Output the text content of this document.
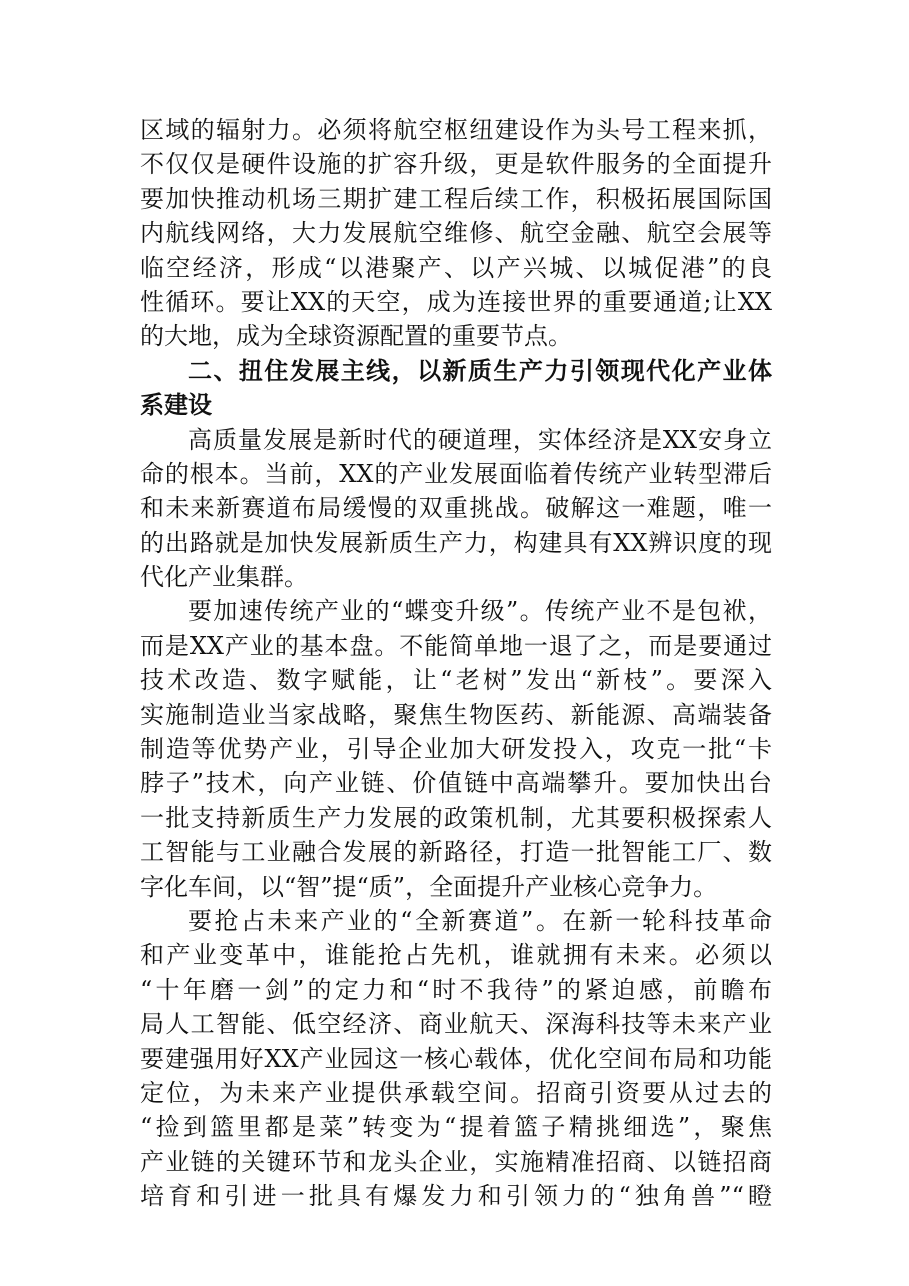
区域的辐射力。必须将航空枢纽建设作为头号工程来抓，
不仅仅是硬件设施的扩容升级，更是软件服务的全面提升
要加快推动机场三期扩建工程后续工作，积极拓展国际国
内航线网络，大力发展航空维修、航空金融、航空会展等
临空经济，形成“以港聚产、以产兴城、以城促港”的良
性循环。要让XX的天空，成为连接世界的重要通道;让XX
的大地，成为全球资源配置的重要节点。
二、扭住发展主线，以新质生产力引领现代化产业体
系建设
高质量发展是新时代的硬道理，实体经济是XX安身立
命的根本。当前，XX的产业发展面临着传统产业转型滞后
和未来新赛道布局缓慢的双重挑战。破解这一难题，唯一
的出路就是加快发展新质生产力，构建具有XX辨识度的现
代化产业集群。
要加速传统产业的“蝶变升级”。传统产业不是包袱，
而是XX产业的基本盘。不能简单地一退了之，而是要通过
技术改造、数字赋能，让“老树”发出“新枝”。要深入
实施制造业当家战略，聚焦生物医药、新能源、高端装备
制造等优势产业，引导企业加大研发投入，攻克一批“卡
脖子”技术，向产业链、价值链中高端攀升。要加快出台
一批支持新质生产力发展的政策机制，尤其要积极探索人
工智能与工业融合发展的新路径，打造一批智能工厂、数
字化车间，以“智”提“质”，全面提升产业核心竞争力。
要抢占未来产业的“全新赛道”。在新一轮科技革命
和产业变革中，谁能抢占先机，谁就拥有未来。必须以
“十年磨一剑”的定力和“时不我待”的紧迫感，前瞻布
局人工智能、低空经济、商业航天、深海科技等未来产业
要建强用好XX产业园这一核心载体，优化空间布局和功能
定位，为未来产业提供承载空间。招商引资要从过去的
“捡到篮里都是菜”转变为“提着篮子精挑细选”，聚焦
产业链的关键环节和龙头企业，实施精准招商、以链招商
培育和引进一批具有爆发力和引领力的“独角兽”“瞪
